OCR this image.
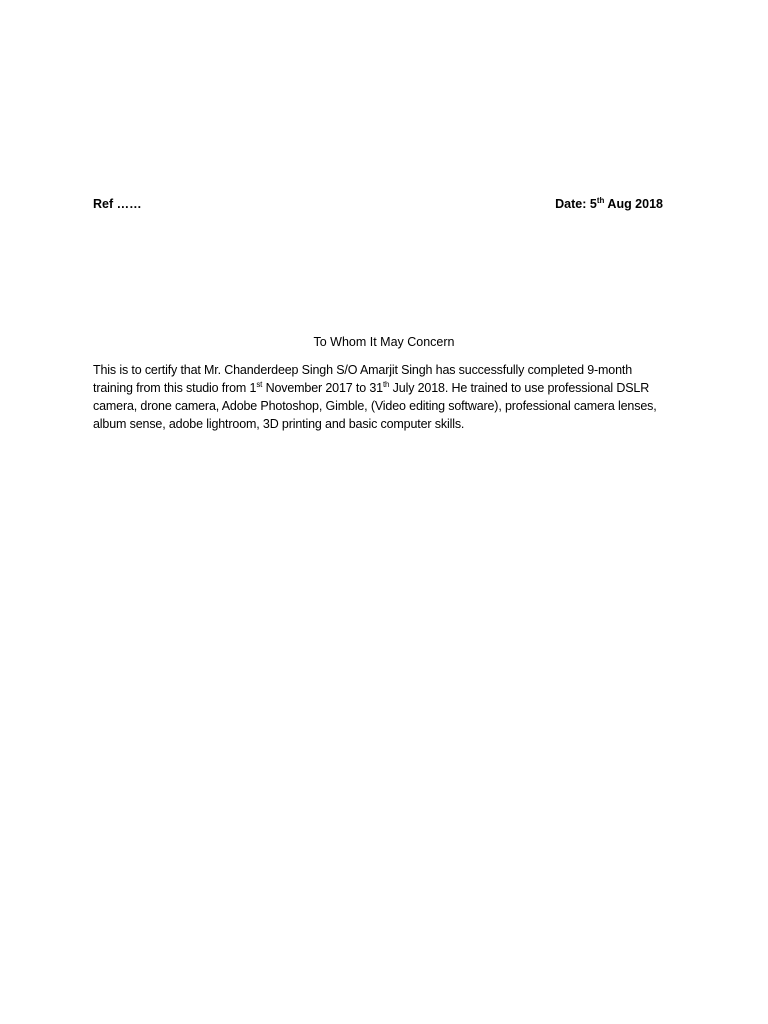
Ref ……	Date: 5th Aug 2018
To Whom It May Concern
This is to certify that Mr. Chanderdeep Singh S/O Amarjit Singh has successfully completed 9-month training from this studio from 1st November 2017 to 31th July 2018. He trained to use professional DSLR camera, drone camera, Adobe Photoshop, Gimble, (Video editing software), professional camera lenses, album sense, adobe lightroom, 3D printing and basic computer skills.
